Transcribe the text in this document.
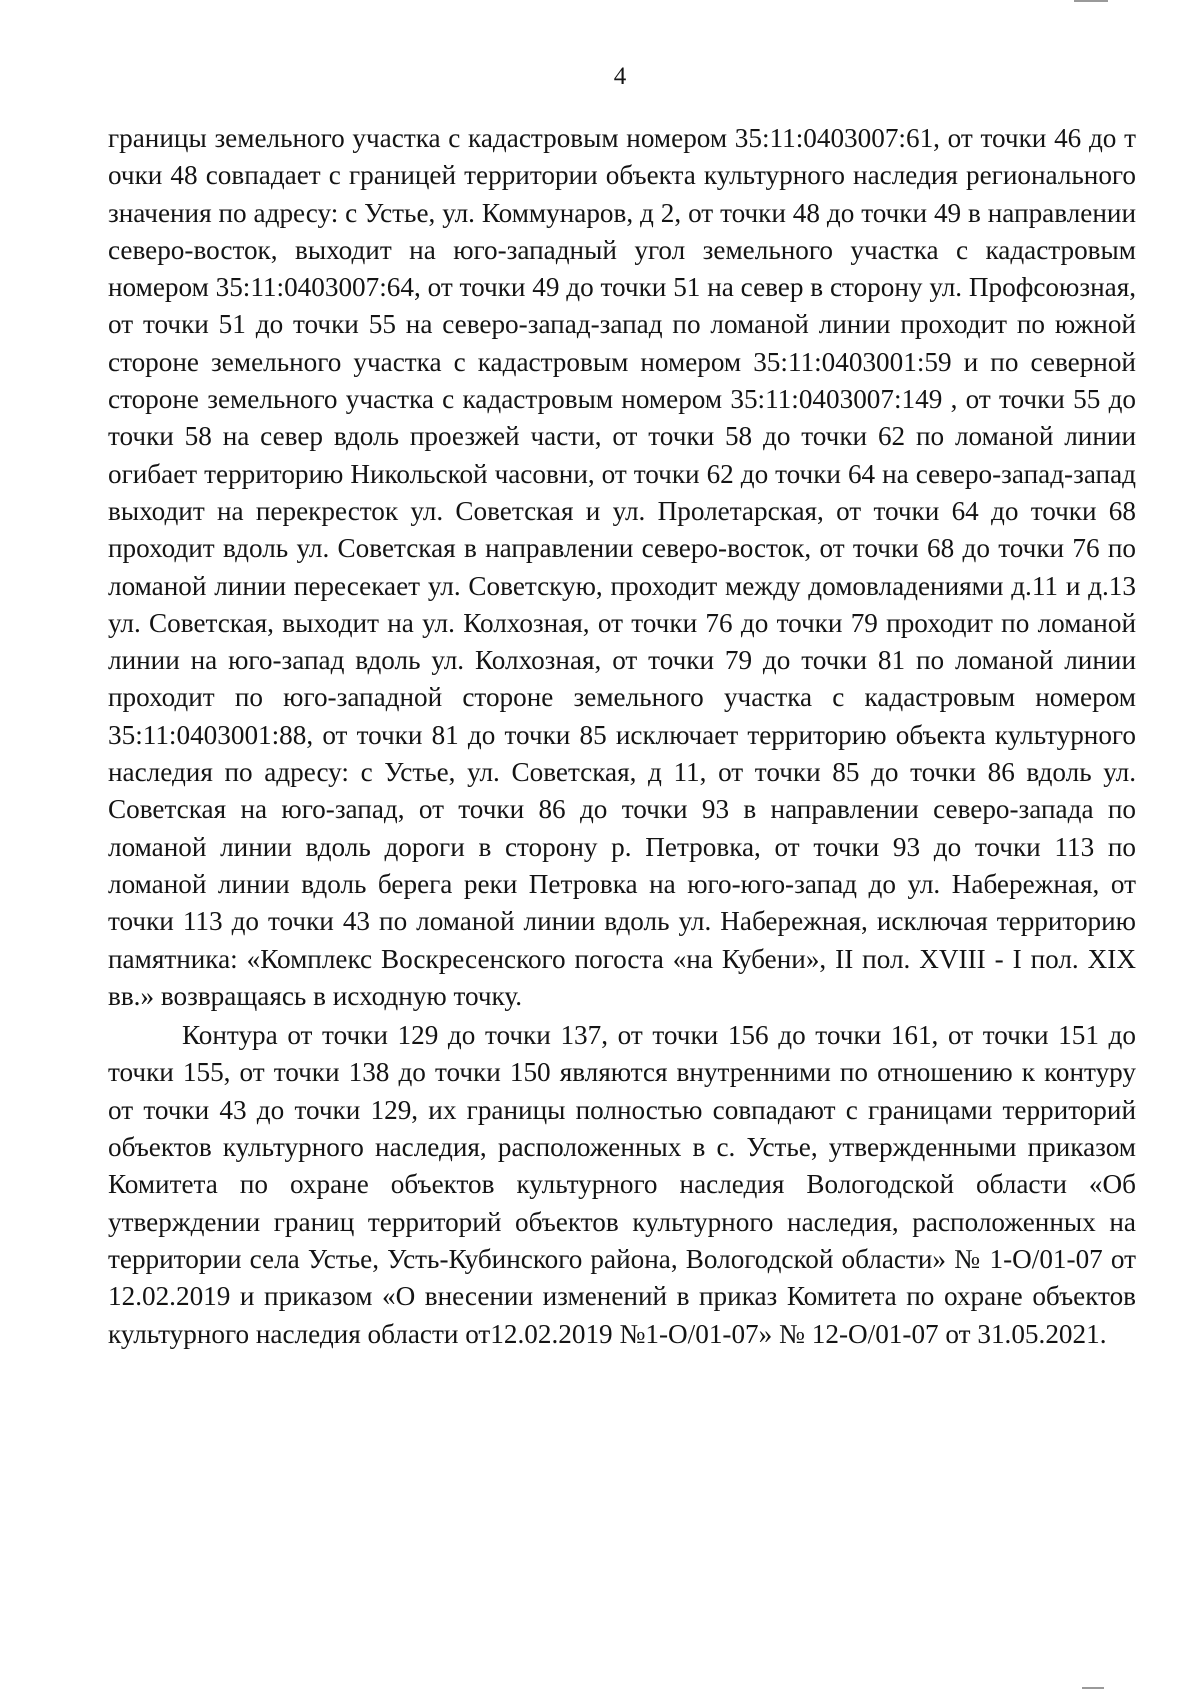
4

границы земельного участка с кадастровым номером 35:11:0403007:61, от точки 46 до т очки 48 совпадает с границей территории объекта культурного наследия регионального значения по адресу: с Устье, ул. Коммунаров, д 2, от точки 48 до точки 49 в направлении северо-восток, выходит на юго-западный угол земельного участка с кадастровым номером 35:11:0403007:64, от точки 49 до точки 51 на север в сторону ул. Профсоюзная, от точки 51 до точки 55 на северо-запад-запад по ломаной линии проходит по южной стороне земельного участка с кадастровым номером 35:11:0403001:59 и по северной стороне земельного участка с кадастровым номером 35:11:0403007:149 , от точки 55 до точки 58 на север вдоль проезжей части, от точки 58 до точки 62 по ломаной линии огибает территорию Никольской часовни, от точки 62 до точки 64 на северо-запад-запад выходит на перекресток ул. Советская и ул. Пролетарская, от точки 64 до точки 68 проходит вдоль ул. Советская в направлении северо-восток, от точки 68 до точки 76 по ломаной линии пересекает ул. Советскую, проходит между домовладениями д.11 и д.13 ул. Советская, выходит на ул. Колхозная, от точки 76 до точки 79 проходит по ломаной линии на юго-запад вдоль ул. Колхозная, от точки 79 до точки 81 по ломаной линии проходит по юго-западной стороне земельного участка с кадастровым номером 35:11:0403001:88, от точки 81 до точки 85 исключает территорию объекта культурного наследия по адресу: с Устье, ул. Советская, д 11, от точки 85 до точки 86 вдоль ул. Советская на юго-запад, от точки 86 до точки 93 в направлении северо-запада по ломаной линии вдоль дороги в сторону р. Петровка, от точки 93 до точки 113 по ломаной линии вдоль берега реки Петровка на юго-юго-запад до ул. Набережная, от точки 113 до точки 43 по ломаной линии вдоль ул. Набережная, исключая территорию памятника: «Комплекс Воскресенского погоста «на Кубени», II пол. XVIII - I пол. XIX вв.» возвращаясь в исходную точку.

Контура от точки 129 до точки 137, от точки 156 до точки 161, от точки 151 до точки 155, от точки 138 до точки 150 являются внутренними по отношению к контуру от точки 43 до точки 129, их границы полностью совпадают с границами территорий объектов культурного наследия, расположенных в с. Устье, утвержденными приказом Комитета по охране объектов культурного наследия Вологодской области «Об утверждении границ территорий объектов культурного наследия, расположенных на территории села Устье, Усть-Кубинского района, Вологодской области» № 1-О/01-07 от 12.02.2019 и приказом «О внесении изменений в приказ Комитета по охране объектов культурного наследия области от12.02.2019 №1-О/01-07» № 12-О/01-07 от 31.05.2021.
